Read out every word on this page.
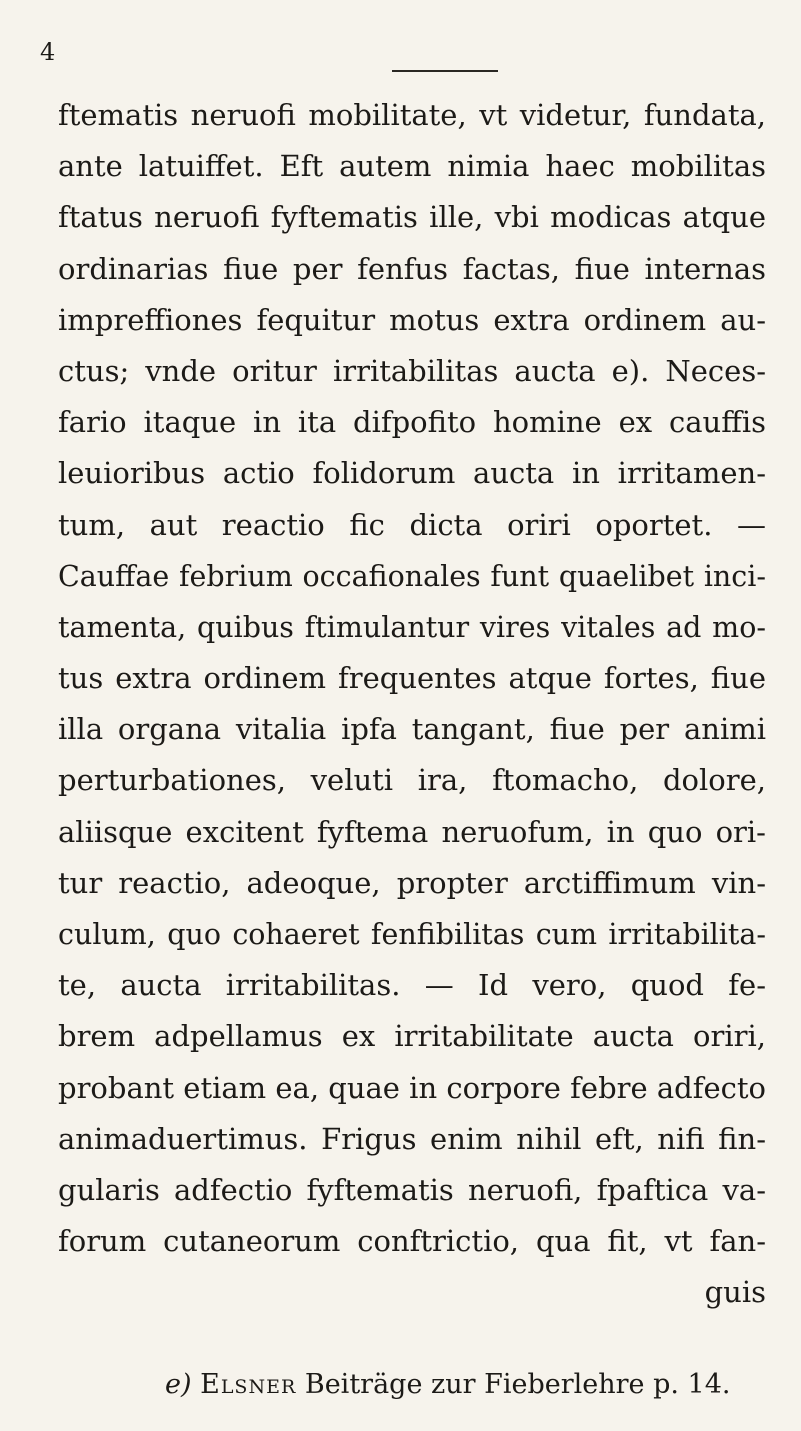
4
ftematis neruofi mobilitate, vt videtur, fundata,
ante latuiffet. Eft autem nimia haec mobilitas
ftatus neruofi fyftematis ille, vbi modicas atque
ordinarias fiue per fenfus factas, fiue internas
impreffiones fequitur motus extra ordinem au-
ctus; vnde oritur irritabilitas aucta e). Neces-
fario itaque in ita difpofito homine ex cauffis
leuioribus actio folidorum aucta in irritamen-
tum, aut reactio fic dicta oriri oportet. —
Cauffae febrium occafionales funt quaelibet inci-
tamenta, quibus ftimulantur vires vitales ad mo-
tus extra ordinem frequentes atque fortes, fiue
illa organa vitalia ipfa tangant, fiue per animi
perturbationes, veluti ira, ftomacho, dolore,
aliisque excitent fyftema neruofum, in quo ori-
tur reactio, adeoque, propter arctiffimum vin-
culum, quo cohaeret fenfibilitas cum irritabilita-
te, aucta irritabilitas. — Id vero, quod fe-
brem adpellamus ex irritabilitate aucta oriri,
probant etiam ea, quae in corpore febre adfecto
animaduertimus. Frigus enim nihil eft, nifi fin-
gularis adfectio fyftematis neruofi, fpaftica va-
forum cutaneorum conftrictio, qua fit, vt fan-
guis
e) Elsner Beiträge zur Fieberlehre p. 14.
